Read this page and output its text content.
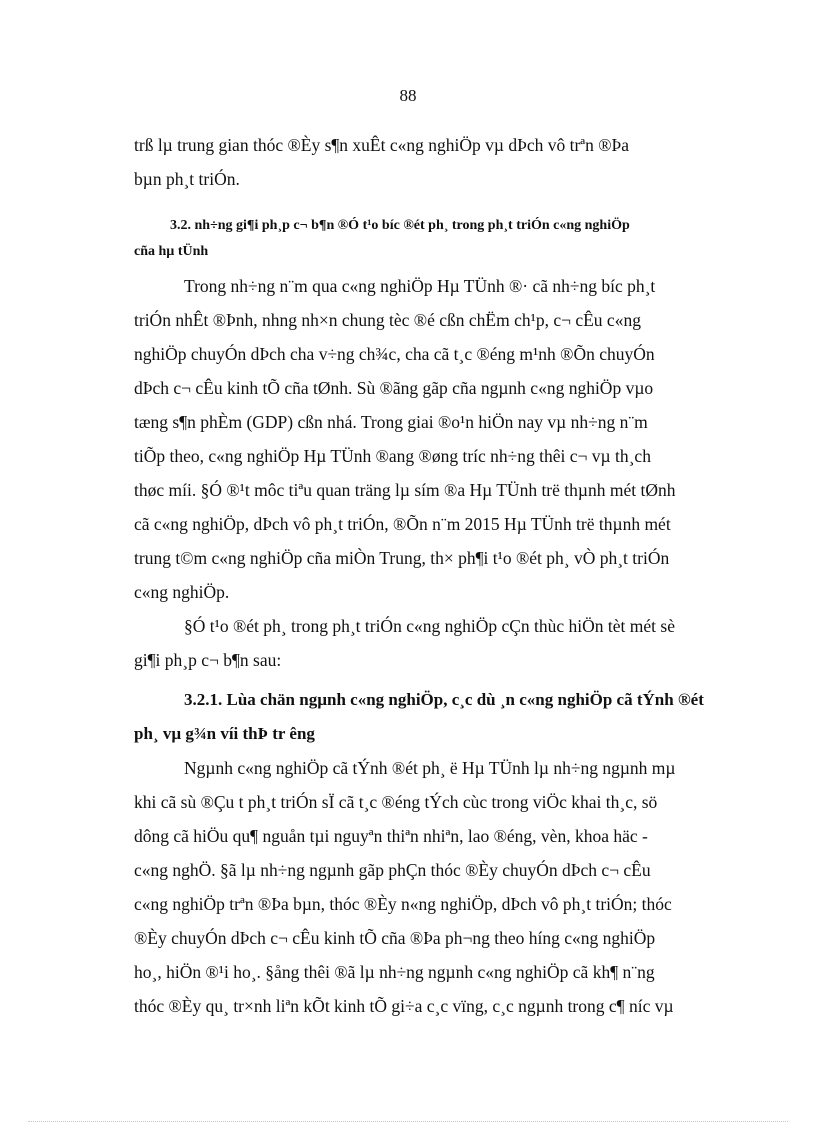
88

trß lµ trung gian thóc ®Èy s¶n xuÊt c«ng nghiÖp vµ dÞch vô trªn ®Þa
bµn ph¸t triÓn.

3.2. nh÷ng gi¶i ph¸p c¬ b¶n ®Ó t¹o bíc ®ét ph¸ trong ph¸t triÓn c«ng nghiÖp
cña hµ tÜnh

Trong nh÷ng n¨m qua c«ng nghiÖp Hµ TÜnh ®· cã nh÷ng bíc ph¸t
triÓn nhÊt ®Þnh, nhng nh×n chung tèc ®é cßn chËm ch¹p, c¬ cÊu c«ng
nghiÖp chuyÓn dÞch cha v÷ng ch¾c, cha cã t¸c ®éng m¹nh ®Õn chuyÓn
dÞch c¬ cÊu kinh tÕ cña tØnh. Sù ®ãng gãp cña ngµnh c«ng nghiÖp vµo
tæng s¶n phÈm (GDP) cßn nhá. Trong giai ®o¹n hiÖn nay vµ nh÷ng n¨m
tiÕp theo, c«ng nghiÖp Hµ TÜnh ®ang ®øng tríc nh÷ng thêi c¬ vµ th¸ch
thøc míi. §Ó ®¹t môc tiªu quan träng lµ sím ®a Hµ TÜnh trë thµnh mét tØnh
cã c«ng nghiÖp, dÞch vô ph¸t triÓn, ®Õn n¨m 2015 Hµ TÜnh trë thµnh mét
trung t©m c«ng nghiÖp cña miÒn Trung, th× ph¶i t¹o ®ét ph¸ vÒ ph¸t triÓn
c«ng nghiÖp.

§Ó t¹o ®ét ph¸ trong ph¸t triÓn c«ng nghiÖp cÇn thùc hiÖn tèt mét sè
gi¶i ph¸p c¬ b¶n sau:

3.2.1. Lùa chän ngµnh c«ng nghiÖp, c¸c dù ¸n c«ng nghiÖp cã tÝnh ®ét
ph¸ vµ g¾n víi thÞ tr êng

Ngµnh c«ng nghiÖp cã tÝnh ®ét ph¸ ë Hµ TÜnh lµ nh÷ng ngµnh mµ
khi cã sù ®Çu t ph¸t triÓn sÏ cã t¸c ®éng tÝch cùc trong viÖc khai th¸c, sö
dông cã hiÖu qu¶ nguån tµi nguyªn thiªn nhiªn, lao ®éng, vèn, khoa häc -
c«ng nghÖ. §ã lµ nh÷ng ngµnh gãp phÇn thóc ®Èy chuyÓn dÞch c¬ cÊu
c«ng nghiÖp trªn ®Þa bµn, thóc ®Èy n«ng nghiÖp, dÞch vô ph¸t triÓn; thóc
®Èy chuyÓn dÞch c¬ cÊu kinh tÕ cña ®Þa ph¬ng theo híng c«ng nghiÖp
ho¸, hiÖn ®¹i ho¸. §ång thêi ®ã lµ nh÷ng ngµnh c«ng nghiÖp cã kh¶ n¨ng
thóc ®Èy qu¸ tr×nh liªn kÕt kinh tÕ gi÷a c¸c vïng, c¸c ngµnh trong c¶ níc vµ
